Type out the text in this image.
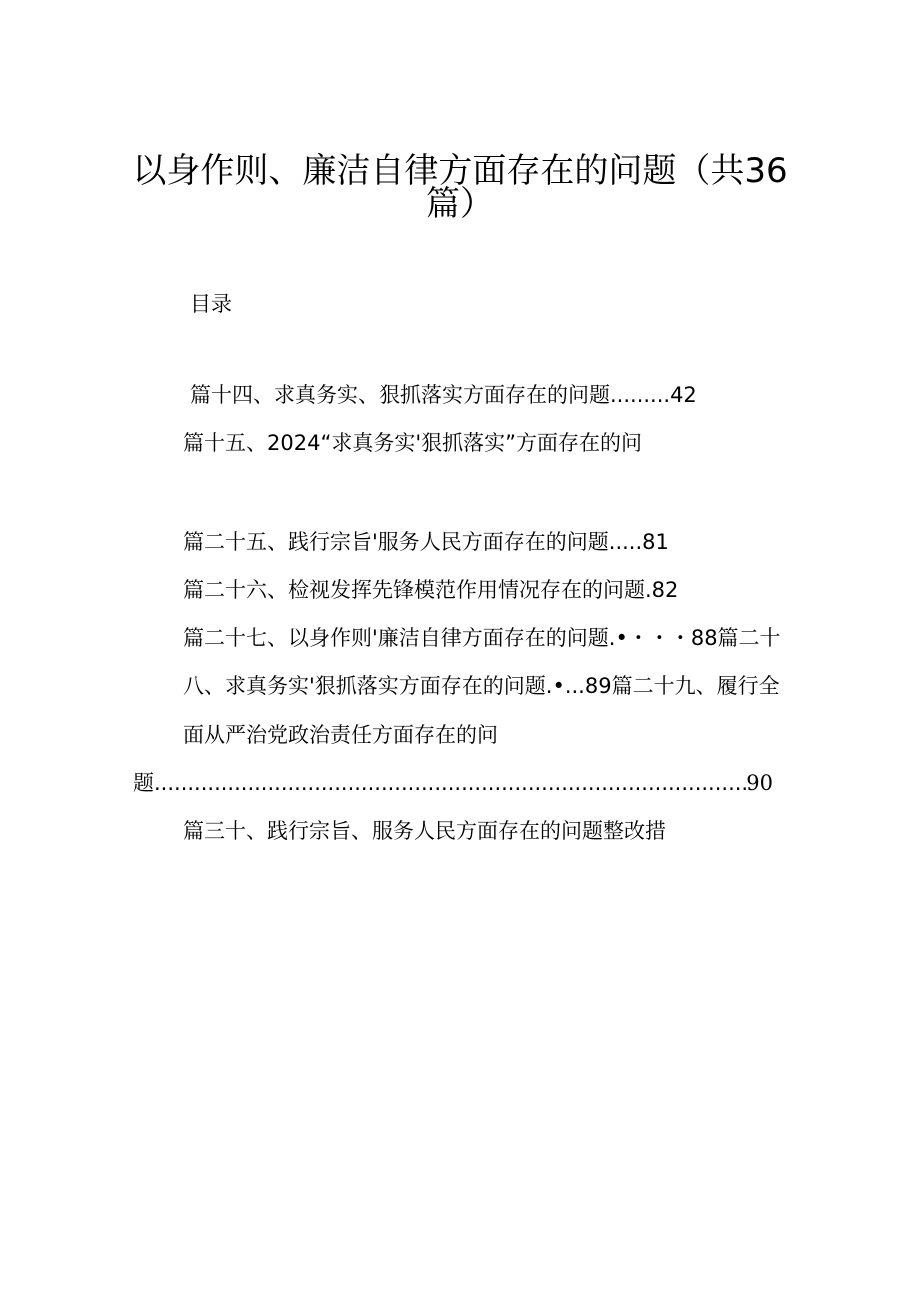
以身作则、廉洁自律方面存在的问题（共36
篇）
目录
篇十四、求真务实、狠抓落实方面存在的问题.........42
篇十五、2024“求真务实'狠抓落实”方面存在的问
篇二十五、践行宗旨'服务人民方面存在的问题.....81
篇二十六、检视发挥先锋模范作用情况存在的问题.82
篇二十七、以身作则'廉洁自律方面存在的问题.•・・・88篇二十
八、求真务实'狠抓落实方面存在的问题.•...89篇二十九、履行全
面从严治党政治责任方面存在的问
题 .....	90
篇三十、践行宗旨、服务人民方面存在的问题整改措
